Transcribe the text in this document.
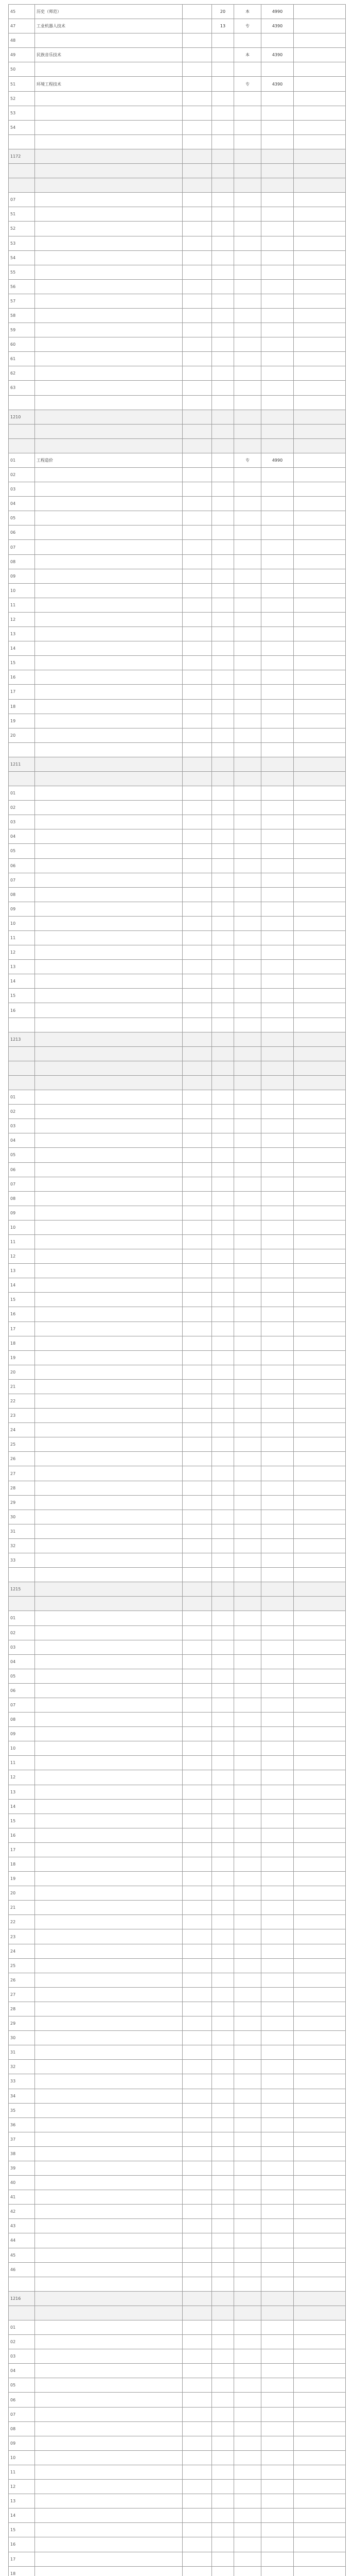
45	历史（师范）		20	本	4990	
47	工业机器人技术		13	专	4390	
48						
49	民族音乐技术			本	4390	
50						
51	环境工程技术			专	4390	
52						
53						
54						

1172						

07						
51						
52						
53						
54						
55						
56						
57						
58						
59						
60						
61						
62						
63						

1210						

01	工程造价			专	4990	
02						
03						
04						
05						
06						
07						
08						
09						
10						
11						
12						
13						
14						
15						
16						
17						
18						
19						
20						

1211						

01						
02						
03						
04						
05						
06						
07						
08						
09						
10						
11						
12						
13						
14						
15						
16						

1213						

01						
02						
03						
04						
05						
06						
07						
08						
09						
10						
11						
12						
13						
14						
15						
16						
17						
18						
19						
20						
21						
22						
23						
24						
25						
26						
27						
28						
29						
30						
31						
32						
33						

1215						

01						
02						
03						
04						
05						
06						
07						
08						
09						
10						
11						
12						
13						
14						
15						
16						
17						
18						
19						
20						
21						
22						
23						
24						
25						
26						
27						
28						
29						
30						
31						
32						
33						
34						
35						
36						
37						
38						
39						
40						
41						
42						
43						
44						
45						
46						

1216						

01						
02						
03						
04						
05						
06						
07						
08						
09						
10						
11						
12						
13						
14						
15						
16						
17						
18						
